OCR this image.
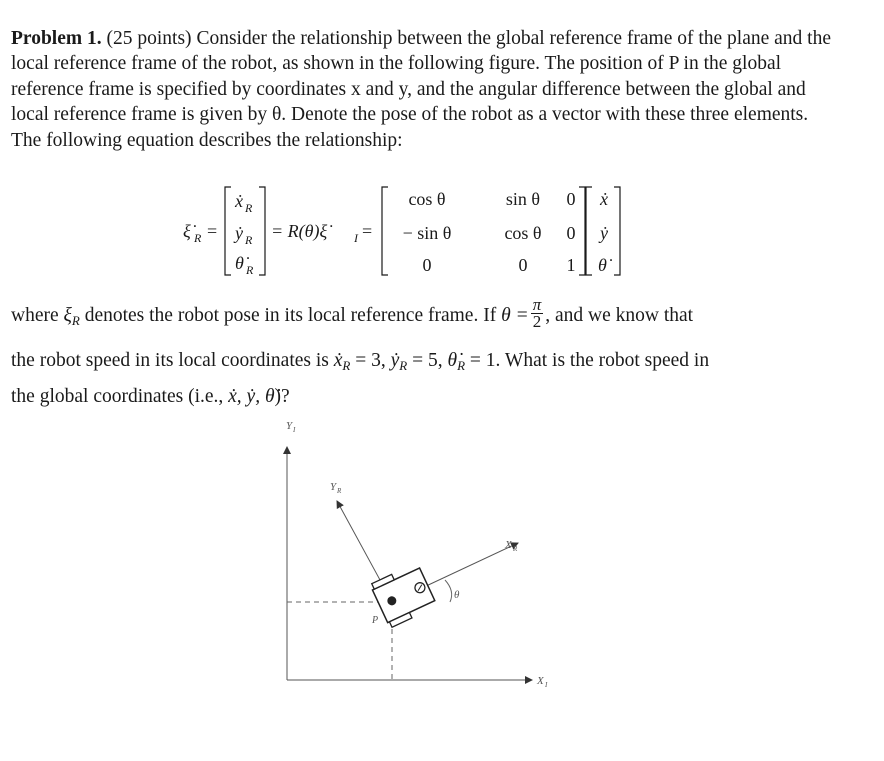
Problem 1. (25 points) Consider the relationship between the global reference frame of the plane and the local reference frame of the robot, as shown in the following figure. The position of P in the global reference frame is specified by coordinates x and y, and the angular difference between the global and local reference frame is given by θ. Denote the pose of the robot as a vector with these three elements. The following equation describes the relationship:

ξ̇ R =
ẋ R
ẏ R
θ̇ R
= R(θ)ξ̇	I =
cos θ	sin θ 0
− sin θ	cos θ 0
0	0 1
ẋ
ẏ
θ̇
where $\xi_R$ denotes the robot pose in its local reference frame. If $\theta = \frac{\pi}{2}$ , and we know that
the robot speed in its local coordinates is ẋ$_R$ = 3, ẏ$_R$ = 5, $\thetȧ_R = 1$. What is the robot speed in
the global coordinates (i.e., ẋ, ẏ, θ̇)?
Y I
X I
Y R
X R
θ
P
